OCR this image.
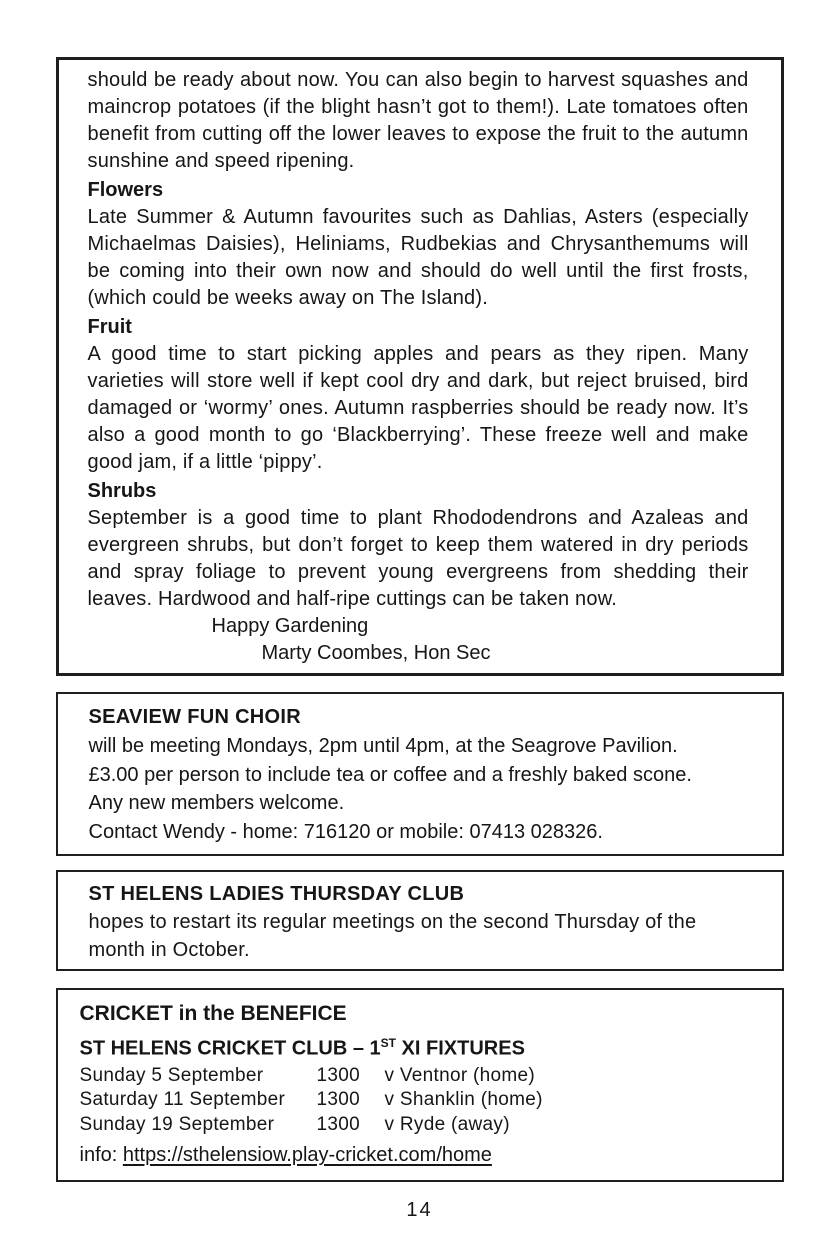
should be ready about now. You can also begin to harvest squashes and maincrop potatoes (if the blight hasn’t got to them!). Late tomatoes often benefit from cutting off the lower leaves to expose the fruit to the autumn sunshine and speed ripening.
Flowers
Late Summer & Autumn favourites such as Dahlias, Asters (especially Michaelmas Daisies), Heliniams, Rudbekias and Chrysanthemums will be coming into their own now and should do well until the first frosts, (which could be weeks away on The Island).
Fruit
A good time to start picking apples and pears as they ripen. Many varieties will store well if kept cool dry and dark, but reject bruised, bird damaged or ‘wormy’ ones. Autumn raspberries should be ready now. It’s also a good month to go ‘Blackberrying’. These freeze well and make good jam, if a little ‘pippy’.
Shrubs
September is a good time to plant Rhododendrons and Azaleas and evergreen shrubs, but don’t forget to keep them watered in dry periods and spray foliage to prevent young evergreens from shedding their leaves. Hardwood and half-ripe cuttings can be taken now.
Happy Gardening
Marty Coombes, Hon Sec
SEAVIEW FUN CHOIR
will be meeting Mondays, 2pm until 4pm, at the Seagrove Pavilion.
£3.00 per person to include tea or coffee and a freshly baked scone.
Any new members welcome.
Contact Wendy - home: 716120 or mobile: 07413 028326.
ST HELENS LADIES THURSDAY CLUB
hopes to restart its regular meetings on the second Thursday of the month in October.
CRICKET in the BENEFICE
ST HELENS CRICKET CLUB – 1ST XI FIXTURES
Sunday 5 September	1300	v Ventnor (home)
Saturday 11 September	1300	v Shanklin (home)
Sunday 19 September	1300	v Ryde (away)
info: https://sthelensiow.play-cricket.com/home
14
